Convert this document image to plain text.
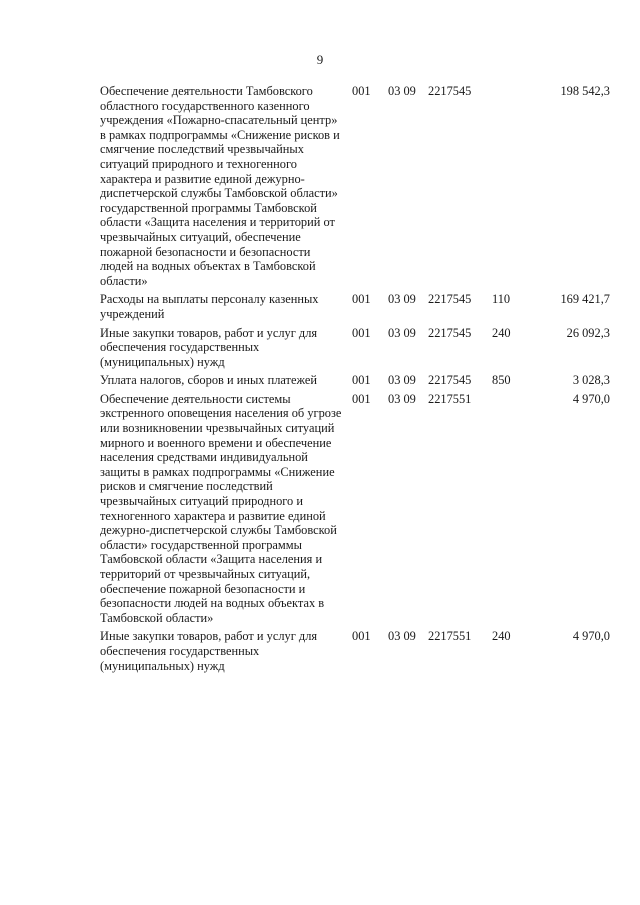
9
Обеспечение деятельности Тамбовского областного государственного казенного учреждения «Пожарно-спасательный центр» в рамках подпрограммы «Снижение рисков и смягчение последствий чрезвычайных ситуаций природного и техногенного характера и развитие единой дежурно-диспетчерской службы Тамбовской области» государственной программы Тамбовской области «Защита населения и территорий от чрезвычайных ситуаций, обеспечение пожарной безопасности и безопасности людей на водных объектах в Тамбовской области»	001	03 09	2217545		198 542,3

Расходы на выплаты персоналу казенных учреждений	001	03 09	2217545	110	169 421,7

Иные закупки товаров, работ и услуг для обеспечения государственных (муниципальных) нужд	001	03 09	2217545	240	26 092,3

Уплата налогов, сборов и иных платежей	001	03 09	2217545	850	3 028,3

Обеспечение деятельности системы экстренного оповещения населения об угрозе или возникновении чрезвычайных ситуаций мирного и военного времени и обеспечение населения средствами индивидуальной защиты в рамках подпрограммы «Снижение рисков и смягчение последствий чрезвычайных ситуаций природного и техногенного характера и развитие единой дежурно-диспетчерской службы Тамбовской области» государственной программы Тамбовской области «Защита населения и территорий от чрезвычайных ситуаций, обеспечение пожарной безопасности и безопасности людей на водных объектах в Тамбовской области»	001	03 09	2217551		4 970,0

Иные закупки товаров, работ и услуг для обеспечения государственных (муниципальных) нужд	001	03 09	2217551	240	4 970,0
